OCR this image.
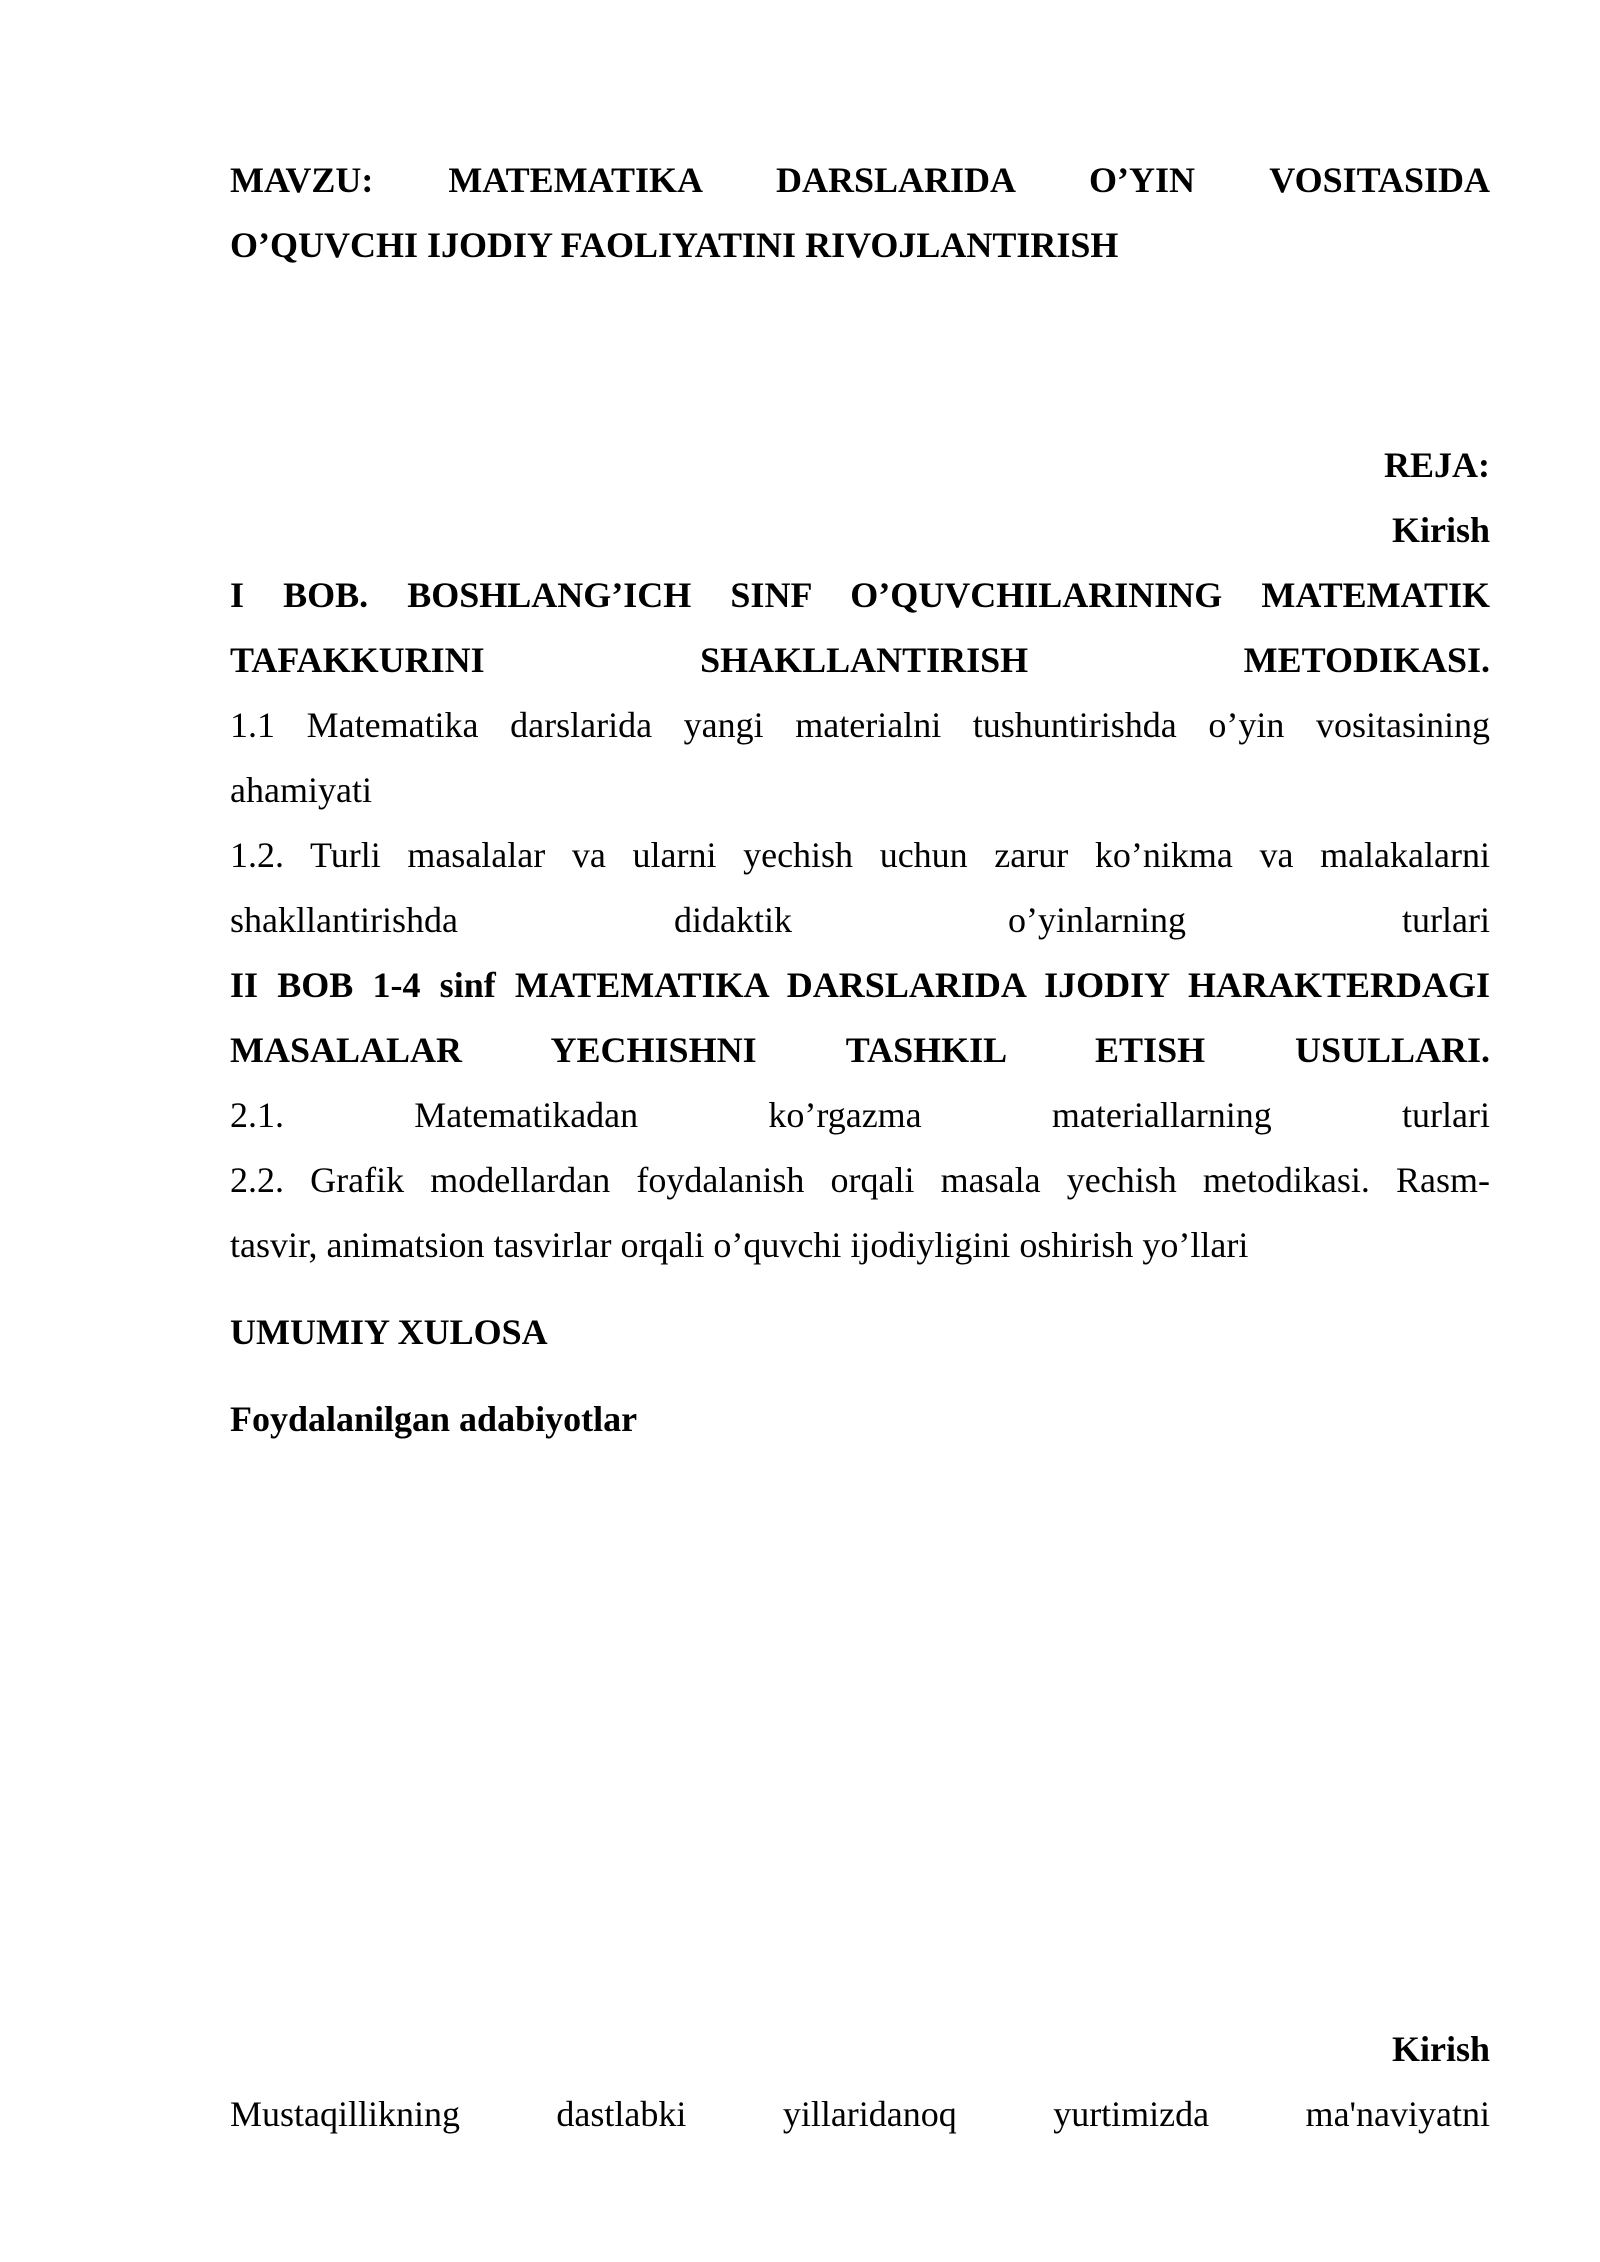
MAVZU: MATEMATIKA DARSLARIDA O’YIN VOSITASIDA
O’QUVCHI IJODIY FAOLIYATINI RIVOJLANTIRISH
REJA:
Kirish
I BOB. BOSHLANG’ICH SINF O’QUVCHILARINING MATEMATIK
TAFAKKURINI SHAKLLANTIRISH METODIKASI.
1.1 Matematika darslarida yangi materialni tushuntirishda o’yin vositasining
ahamiyati
1.2. Turli masalalar va ularni yechish uchun zarur ko’nikma va malakalarni
shakllantirishda didaktik o’yinlarning turlari
II BOB 1-4 sinf MATEMATIKA DARSLARIDA IJODIY HARAKTERDAGI
MASALALAR YECHISHNI TASHKIL ETISH USULLARI.
2.1. Matematikadan ko’rgazma materiallarning turlari
2.2. Grafik modellardan foydalanish orqali masala yechish metodikasi. Rasm-
tasvir, animatsion tasvirlar orqali o’quvchi ijodiyligini oshirish yo’llari
UMUMIY XULOSA
Foydalanilgan adabiyotlar
Kirish
Mustaqillikning dastlabki yillaridanoq yurtimizda ma'naviyatni
